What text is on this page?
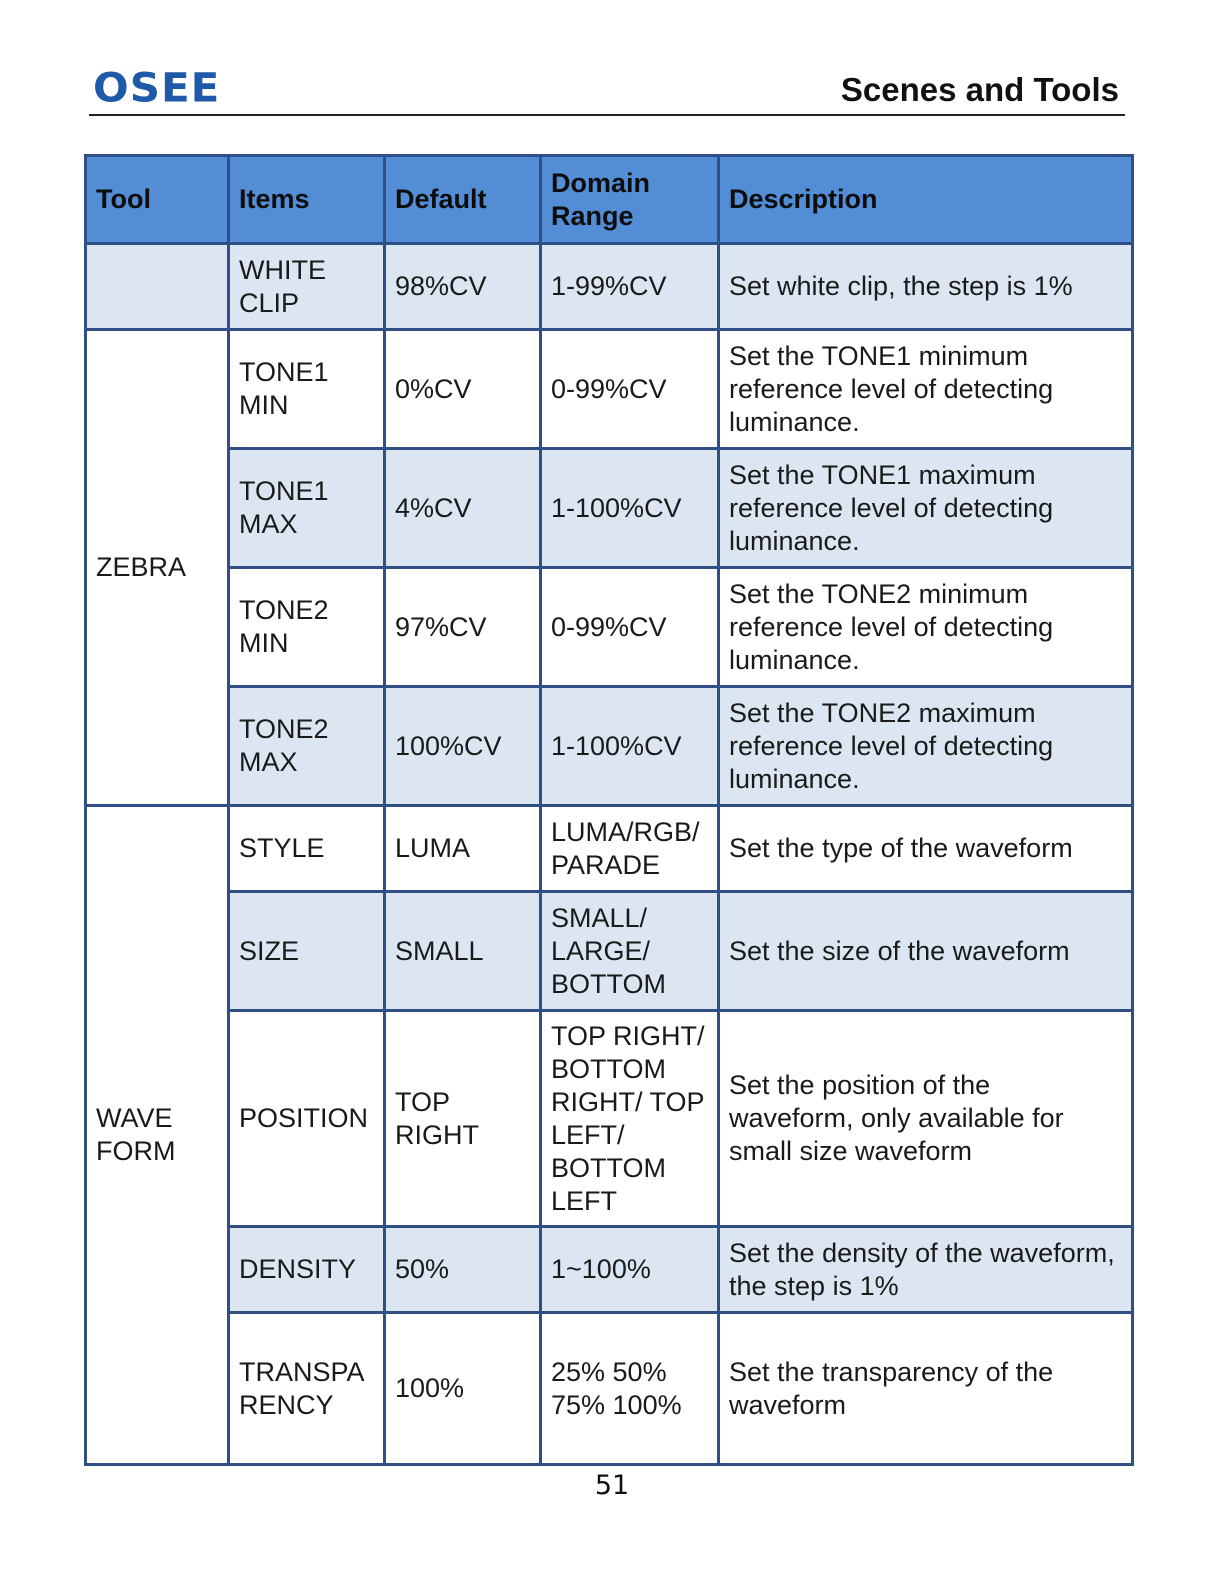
OSEE	Scenes and Tools
Tool	Items	Default	Domain Range	Description
	WHITE CLIP	98%CV	1-99%CV	Set white clip, the step is 1%
ZEBRA	TONE1 MIN	0%CV	0-99%CV	Set the TONE1 minimum reference level of detecting luminance.
	TONE1 MAX	4%CV	1-100%CV	Set the TONE1 maximum reference level of detecting luminance.
	TONE2 MIN	97%CV	0-99%CV	Set the TONE2 minimum reference level of detecting luminance.
	TONE2 MAX	100%CV	1-100%CV	Set the TONE2 maximum reference level of detecting luminance.
WAVE FORM	STYLE	LUMA	LUMA/RGB/ PARADE	Set the type of the waveform
	SIZE	SMALL	SMALL/ LARGE/ BOTTOM	Set the size of the waveform
	POSITION	TOP RIGHT	TOP RIGHT/ BOTTOM RIGHT/ TOP LEFT/ BOTTOM LEFT	Set the position of the waveform, only available for small size waveform
	DENSITY	50%	1~100%	Set the density of the waveform, the step is 1%
	TRANSPA RENCY	100%	25% 50% 75% 100%	Set the transparency of the waveform
51
